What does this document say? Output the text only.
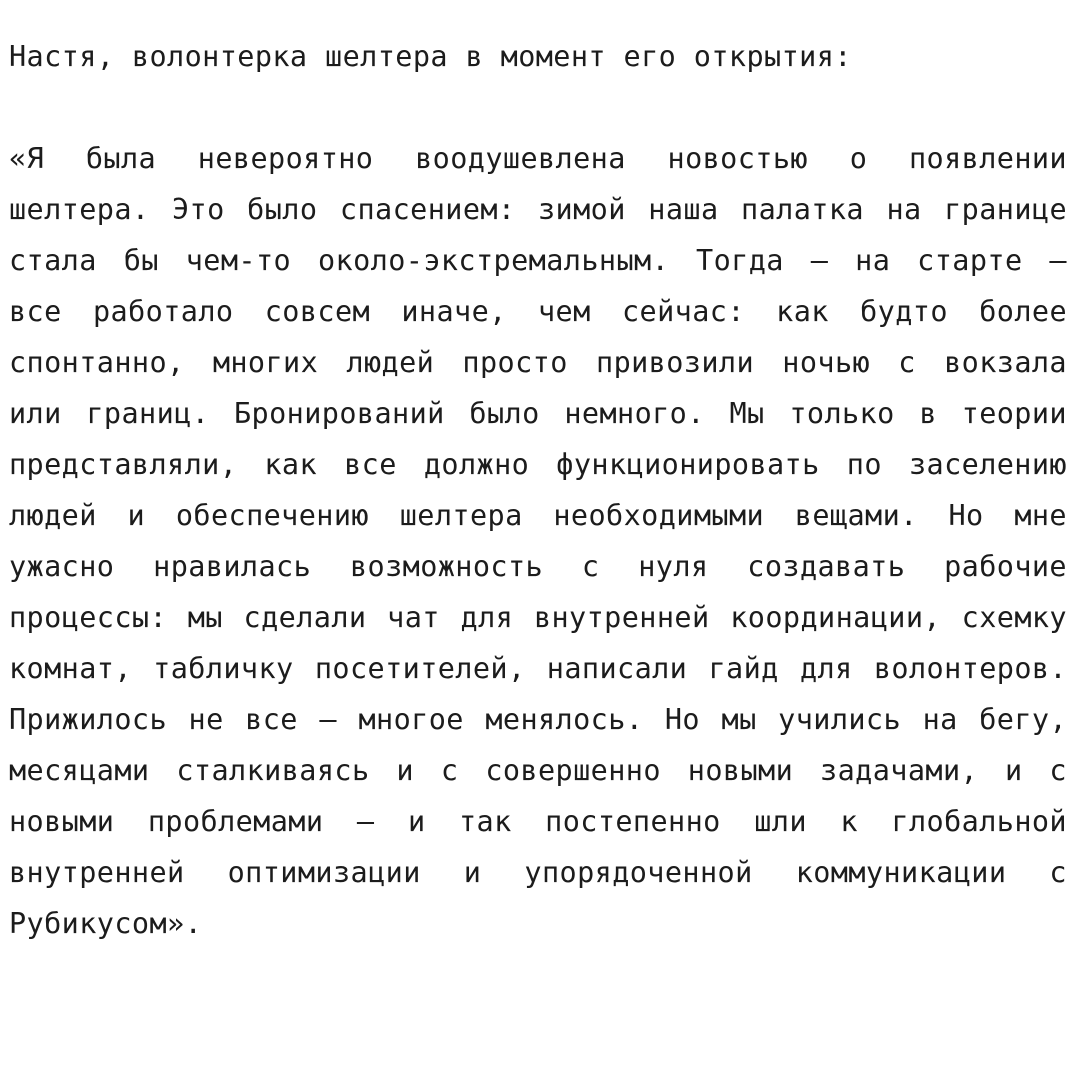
Настя, волонтерка шелтера в момент его открытия:

«Я была невероятно воодушевлена новостью о появлении шелтера. Это было спасением: зимой наша палатка на границе стала бы чем-то около-экстремальным. Тогда — на старте — все работало совсем иначе, чем сейчас: как будто более спонтанно, многих людей просто привозили ночью с вокзала или границ. Бронирований было немного. Мы только в теории представляли, как все должно функционировать по заселению людей и обеспечению шелтера необходимыми вещами. Но мне ужасно нравилась возможность с нуля создавать рабочие процессы: мы сделали чат для внутренней координации, схемку комнат, табличку посетителей, написали гайд для волонтеров. Прижилось не все — многое менялось. Но мы учились на бегу, месяцами сталкиваясь и с совершенно новыми задачами, и с новыми проблемами — и так постепенно шли к глобальной внутренней оптимизации и упорядоченной коммуникации с Рубикусом».
